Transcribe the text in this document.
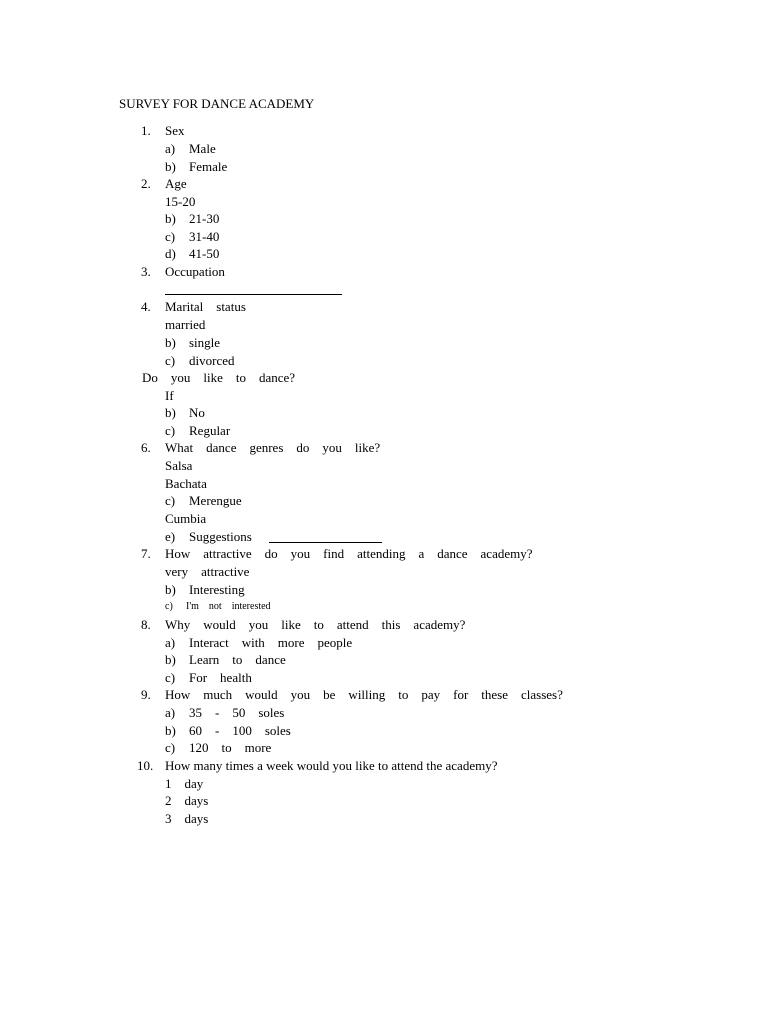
SURVEY FOR DANCE ACADEMY
1. Sex
a) Male
b) Female
2. Age
15-20
b) 21-30
c) 31-40
d) 41-50
3. Occupation
4. Marital    status
married
b) single
c) divorced
Do    you    like    to    dance?
If
b) No
c) Regular
6. What    dance    genres    do    you    like?
Salsa
Bachata
c) Merengue
Cumbia
e) Suggestions
7. How    attractive    do    you    find    attending    a    dance    academy?
very    attractive
b) Interesting
c) I'm    not    interested
8. Why    would    you    like    to    attend    this    academy?
a) Interact    with    more    people
b) Learn    to    dance
c) For    health
9. How    much    would    you    be    willing    to    pay    for    these    classes?
a) 35    -    50    soles
b) 60    -    100    soles
c) 120    to    more
10. How many times a week would you like to attend the academy?
1    day
2    days
3    days
